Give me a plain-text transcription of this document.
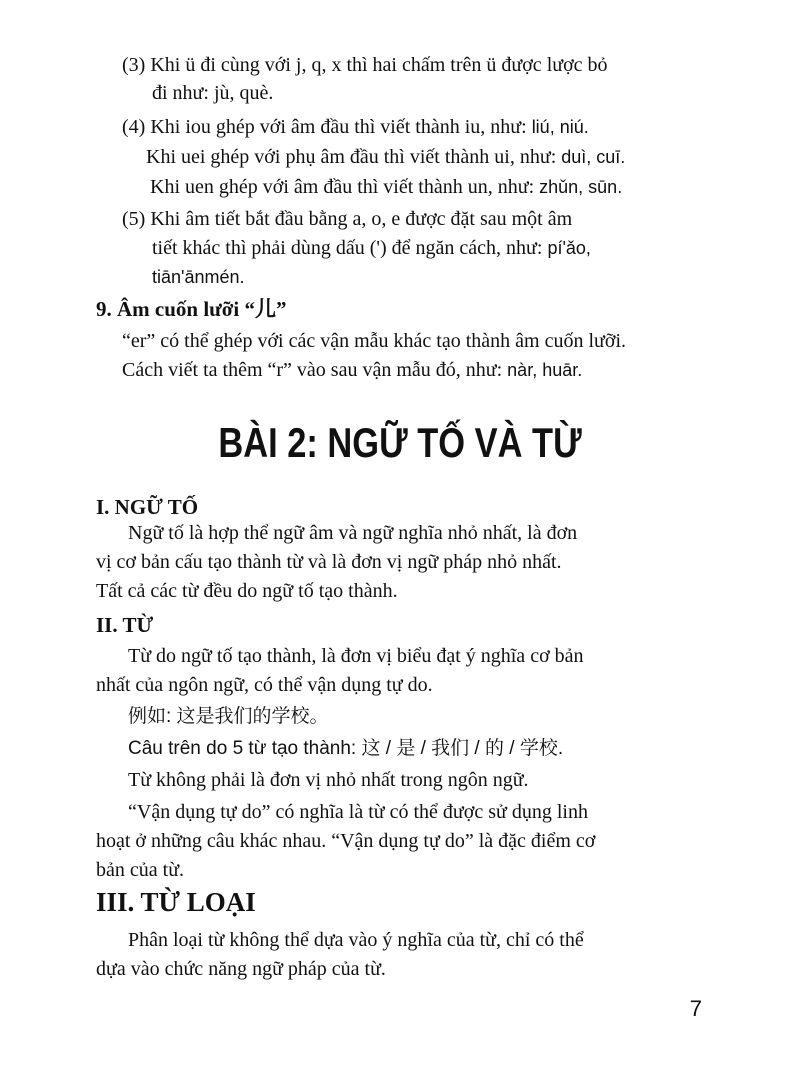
(3) Khi ü đi cùng với j, q, x thì hai chấm trên ü được lược bỏ
đi như: jù, què.
(4) Khi iou ghép với âm đầu thì viết thành iu, như: liú, niú.
Khi uei ghép với phụ âm đầu thì viết thành ui, như: duì, cuī.
Khi uen ghép với âm đầu thì viết thành un, như: zhǔn, sūn.
(5) Khi âm tiết bắt đầu bằng a, o, e được đặt sau một âm
tiết khác thì phải dùng dấu (') để ngăn cách, như: pí'ǎo,
tiān'ānmén.
9. Âm cuốn lưỡi “儿”
“er” có thể ghép với các vận mẫu khác tạo thành âm cuốn lưỡi.
Cách viết ta thêm “r” vào sau vận mẫu đó, như: nàr, huār.
BÀI 2: NGỮ TỐ VÀ TỪ
I. NGỮ TỐ
Ngữ tố là hợp thể ngữ âm và ngữ nghĩa nhỏ nhất, là đơn
vị cơ bản cấu tạo thành từ và là đơn vị ngữ pháp nhỏ nhất.
Tất cả các từ đều do ngữ tố tạo thành.
II. TỪ
Từ do ngữ tố tạo thành, là đơn vị biểu đạt ý nghĩa cơ bản
nhất của ngôn ngữ, có thể vận dụng tự do.
例如: 这是我们的学校。
Câu trên do 5 từ tạo thành: 这 / 是 / 我们 / 的 / 学校.
Từ không phải là đơn vị nhỏ nhất trong ngôn ngữ.
“Vận dụng tự do” có nghĩa là từ có thể được sử dụng linh
hoạt ở những câu khác nhau. “Vận dụng tự do” là đặc điểm cơ
bản của từ.
III. TỪ LOẠI
Phân loại từ không thể dựa vào ý nghĩa của từ, chỉ có thể
dựa vào chức năng ngữ pháp của từ.
7
